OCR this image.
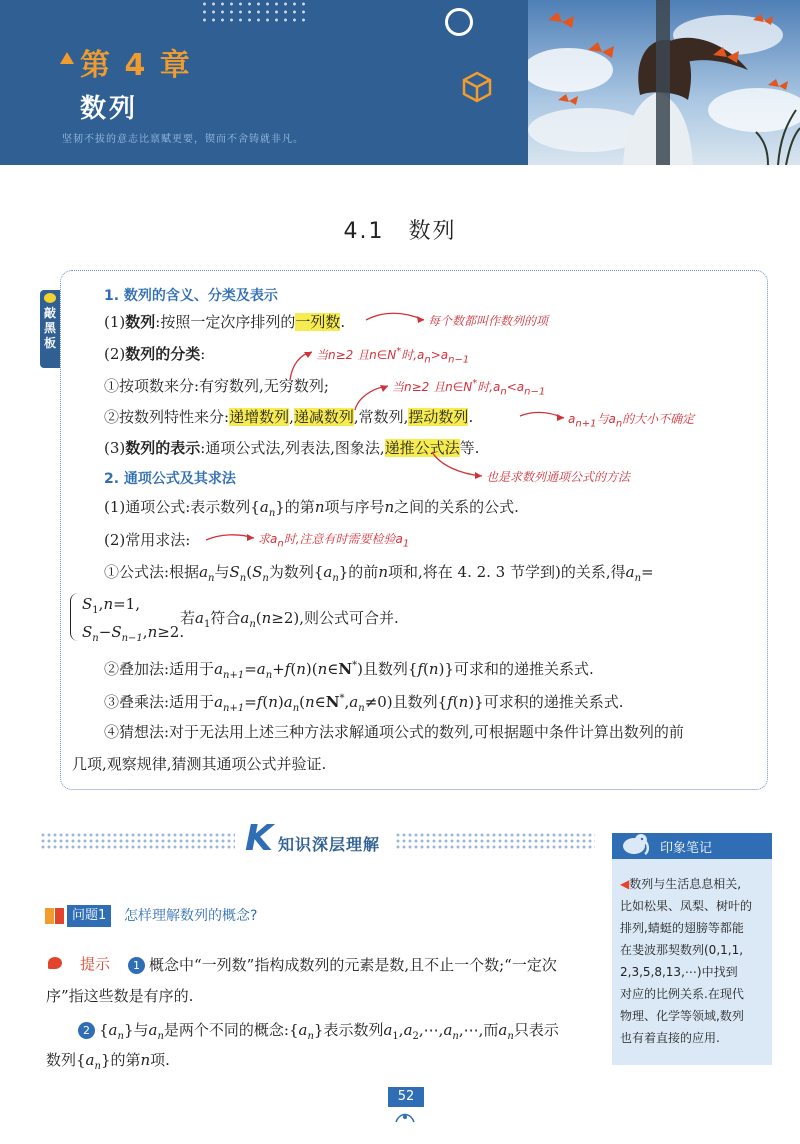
第 4 章
数列
坚韧不拔的意志比禀赋更要，锲而不舍铸就非凡。
4.1　数列
敲
黑
板
1. 数列的含义、分类及表示
(1)数列:按照一定次序排列的一列数.
(2)数列的分类:
①按项数来分:有穷数列,无穷数列;
②按数列特性来分:递增数列,递减数列,常数列,摆动数列.
(3)数列的表示:通项公式法,列表法,图象法,递推公式法等.
2. 通项公式及其求法
(1)通项公式:表示数列$\{a_n\}$的第n项与序号n之间的关系的公式.
(2)常用求法:
①公式法:根据$a_n$与$S_n(S_n$为数列$\{a_n\}$的前n项和,将在 4. 2. 3 节学到)的关系,得$a_n=$
$S_1,n=1$,
$S_n-S_{n-1},n\ge 2$.
若$a_1$符合$a_n(n\ge 2)$,则公式可合并.
②叠加法:适用于$a_{n+1}=a_n+f(n)(n\in N^*)$且数列{f(n)}可求和的递推关系式.
③叠乘法:适用于$a_{n+1}=f(n)a_n(n\in N^*,a_n\ne 0)$且数列{f(n)}可求积的递推关系式.
④猜想法:对于无法用上述三种方法求解通项公式的数列,可根据题中条件计算出数列的前
几项,观察规律,猜测其通项公式并验证.
每个数都叫作数列的项
当n≥2 且n∈N*时$,a_n>a_{n-1}$
当n≥2 且n∈N*时$,a_n<a_{n-1}$
$a_{n+1}$与$a_n$的大小不确定
也是求数列通项公式的方法
求$a_n$时,注意有时需要检验$a_1$
K 知识深层理解	印象笔记
◀数列与生活息息相关,
比如松果、凤梨、树叶的
排列,蜻蜓的翅膀等都能
在斐波那契数列(0,1,1,
2,3,5,8,13,⋯)中找到
对应的比例关系.在现代
物理、化学等领域,数列
也有着直接的应用.
问题1	怎样理解数列的概念?
提示	1 概念中“一列数”指构成数列的元素是数,且不止一个数;“一定次
序”指这些数是有序的.
2 $\{a_n\}$与$a_n$是两个不同的概念$:\{a_n\}$表示数列$a_1,a_2,\cdots,a_n,\cdots$,而$a_n$只表示
数列$\{a_n\}$的第n项.
52
